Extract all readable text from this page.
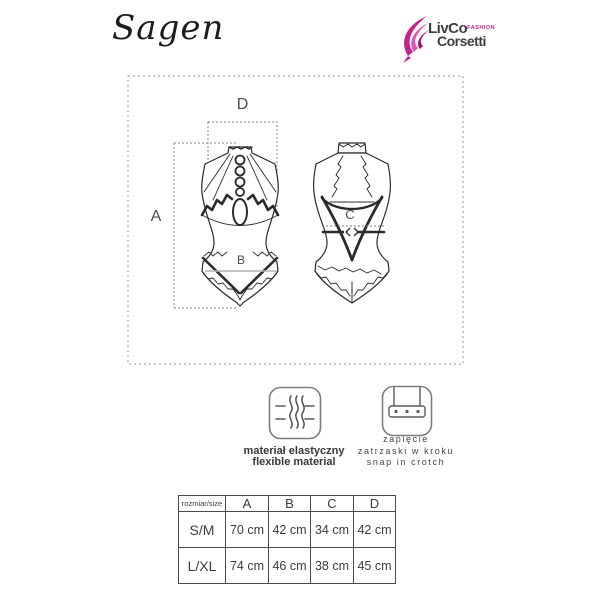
Sagen	LivCo$^{FASHION}$
Corsetti
A
B
C
D
materiał elastyczny
flexible material
zapięcie
zatrzaski w kroku
snap in crotch
rozmiar/size	A	B	C	D
S/M	70 cm	42 cm	34 cm	42 cm
L/XL	74 cm	46 cm	38 cm	45 cm
